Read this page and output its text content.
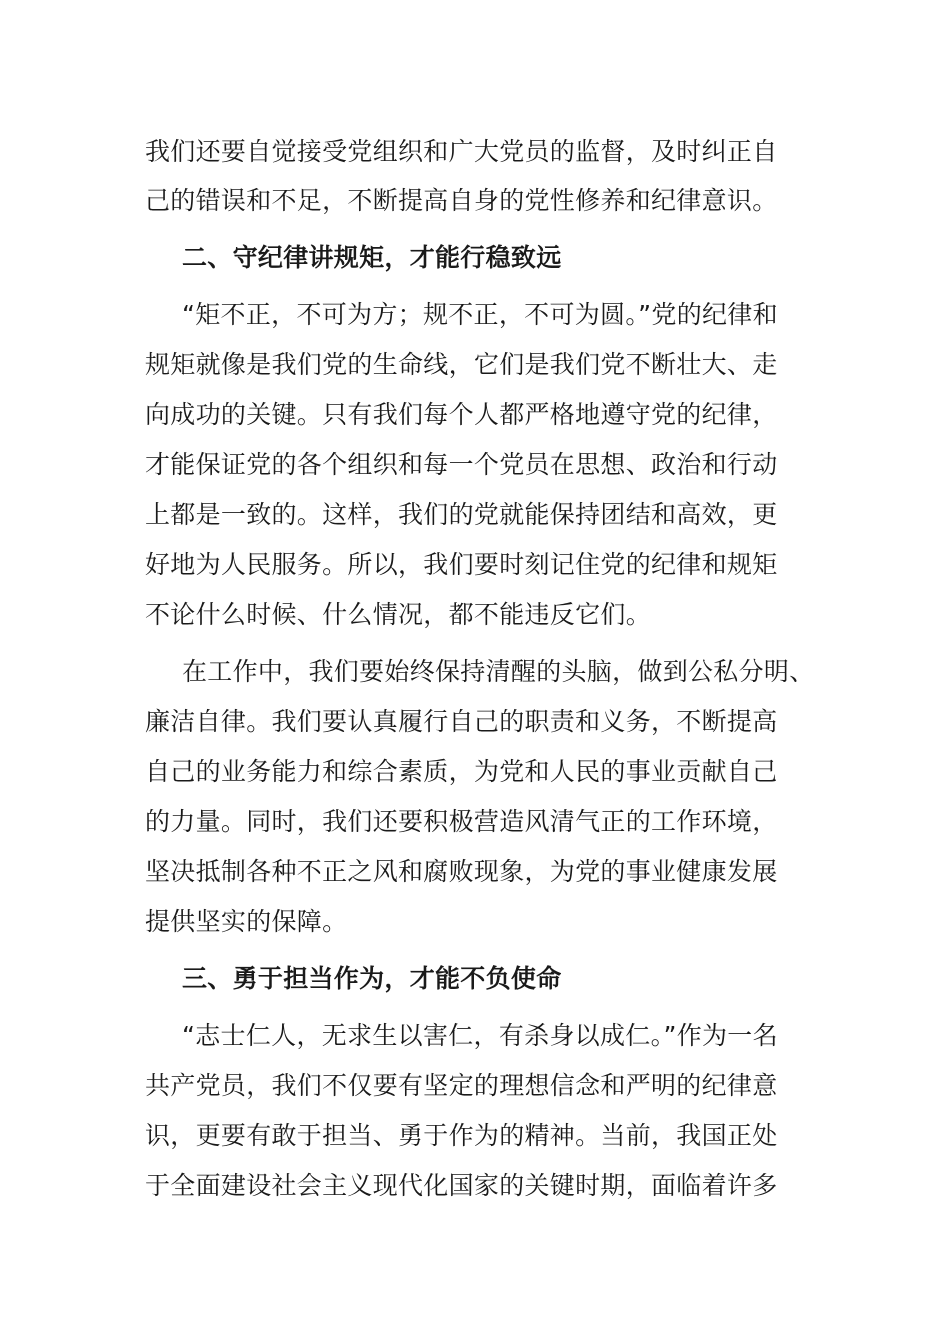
我们还要自觉接受党组织和广大党员的监督，及时纠正自
己的错误和不足，不断提高自身的党性修养和纪律意识。
二、守纪律讲规矩，才能行稳致远
“矩不正，不可为方；规不正，不可为圆。”党的纪律和
规矩就像是我们党的生命线，它们是我们党不断壮大、走
向成功的关键。只有我们每个人都严格地遵守党的纪律，
才能保证党的各个组织和每一个党员在思想、政治和行动
上都是一致的。这样，我们的党就能保持团结和高效，更
好地为人民服务。所以，我们要时刻记住党的纪律和规矩
不论什么时候、什么情况，都不能违反它们。
在工作中，我们要始终保持清醒的头脑，做到公私分明、
廉洁自律。我们要认真履行自己的职责和义务，不断提高
自己的业务能力和综合素质，为党和人民的事业贡献自己
的力量。同时，我们还要积极营造风清气正的工作环境，
坚决抵制各种不正之风和腐败现象，为党的事业健康发展
提供坚实的保障。
三、勇于担当作为，才能不负使命
“志士仁人，无求生以害仁，有杀身以成仁。”作为一名
共产党员，我们不仅要有坚定的理想信念和严明的纪律意
识，更要有敢于担当、勇于作为的精神。当前，我国正处
于全面建设社会主义现代化国家的关键时期，面临着许多
